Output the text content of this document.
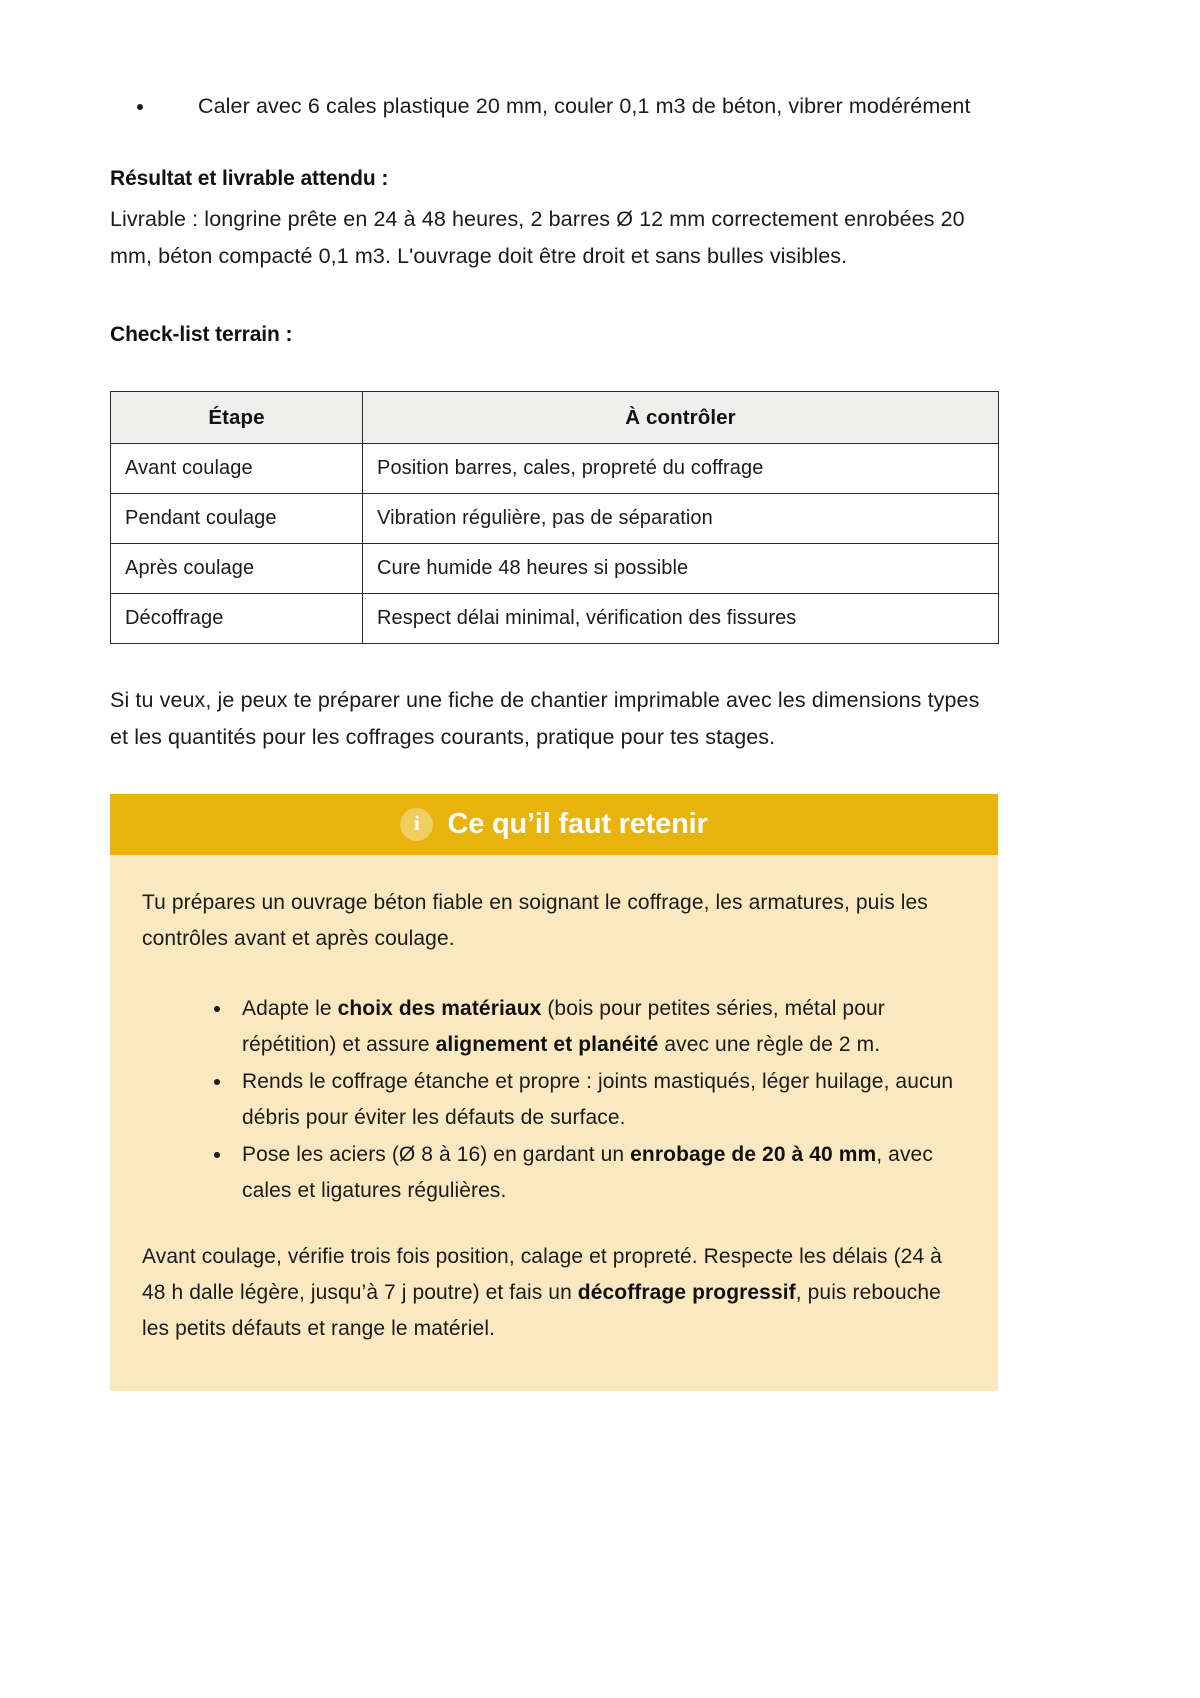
Caler avec 6 cales plastique 20 mm, couler 0,1 m3 de béton, vibrer modérément
Résultat et livrable attendu :

Livrable : longrine prête en 24 à 48 heures, 2 barres Ø 12 mm correctement enrobées 20 mm, béton compacté 0,1 m3. L'ouvrage doit être droit et sans bulles visibles.

Check-list terrain :
Étape	À contrôler
Avant coulage	Position barres, cales, propreté du coffrage
Pendant coulage	Vibration régulière, pas de séparation
Après coulage	Cure humide 48 heures si possible
Décoffrage	Respect délai minimal, vérification des fissures

Si tu veux, je peux te préparer une fiche de chantier imprimable avec les dimensions types et les quantités pour les coffrages courants, pratique pour tes stages.

i Ce qu’il faut retenir

Tu prépares un ouvrage béton fiable en soignant le coffrage, les armatures, puis les contrôles avant et après coulage.

Adapte le choix des matériaux (bois pour petites séries, métal pour répétition) et assure alignement et planéité avec une règle de 2 m.
Rends le coffrage étanche et propre : joints mastiqués, léger huilage, aucun débris pour éviter les défauts de surface.
Pose les aciers (Ø 8 à 16) en gardant un enrobage de 20 à 40 mm, avec cales et ligatures régulières.

Avant coulage, vérifie trois fois position, calage et propreté. Respecte les délais (24 à 48 h dalle légère, jusqu’à 7 j poutre) et fais un décoffrage progressif, puis rebouche les petits défauts et range le matériel.
